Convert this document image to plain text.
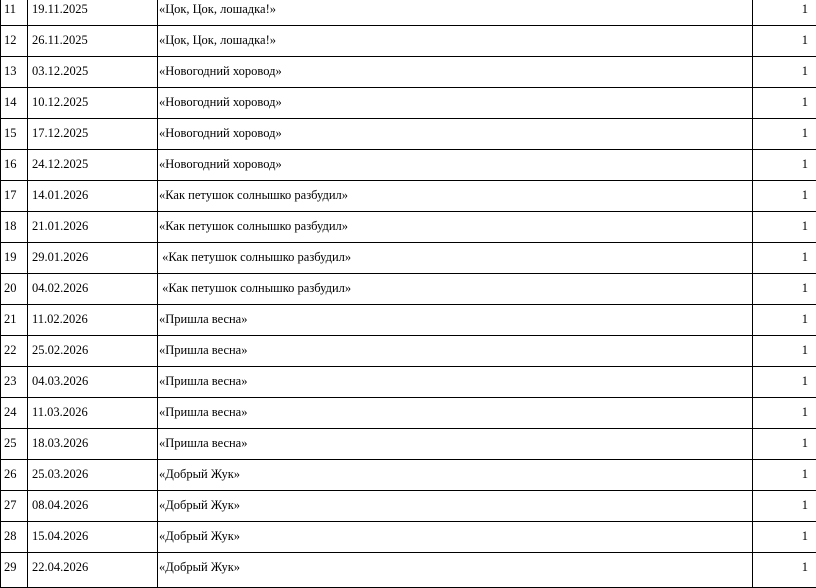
11	19.11.2025	«Цок, Цок, лошадка!»	1

12	26.11.2025	«Цок, Цок, лошадка!»	1

13	03.12.2025	«Новогодний хоровод»	1

14	10.12.2025	«Новогодний хоровод»	1

15	17.12.2025	«Новогодний хоровод»	1

16	24.12.2025	«Новогодний хоровод»	1

17	14.01.2026	«Как петушок солнышко разбудил»	1

18	21.01.2026	«Как петушок солнышко разбудил»	1

19	29.01.2026	«Как петушок солнышко разбудил»	1

20	04.02.2026	«Как петушок солнышко разбудил»	1

21	11.02.2026	«Пришла весна»	1

22	25.02.2026	«Пришла весна»	1

23	04.03.2026	«Пришла весна»	1

24	11.03.2026	«Пришла весна»	1

25	18.03.2026	«Пришла весна»	1

26	25.03.2026	«Добрый Жук»	1

27	08.04.2026	«Добрый Жук»	1

28	15.04.2026	«Добрый Жук»	1

29	22.04.2026	«Добрый Жук»	1
